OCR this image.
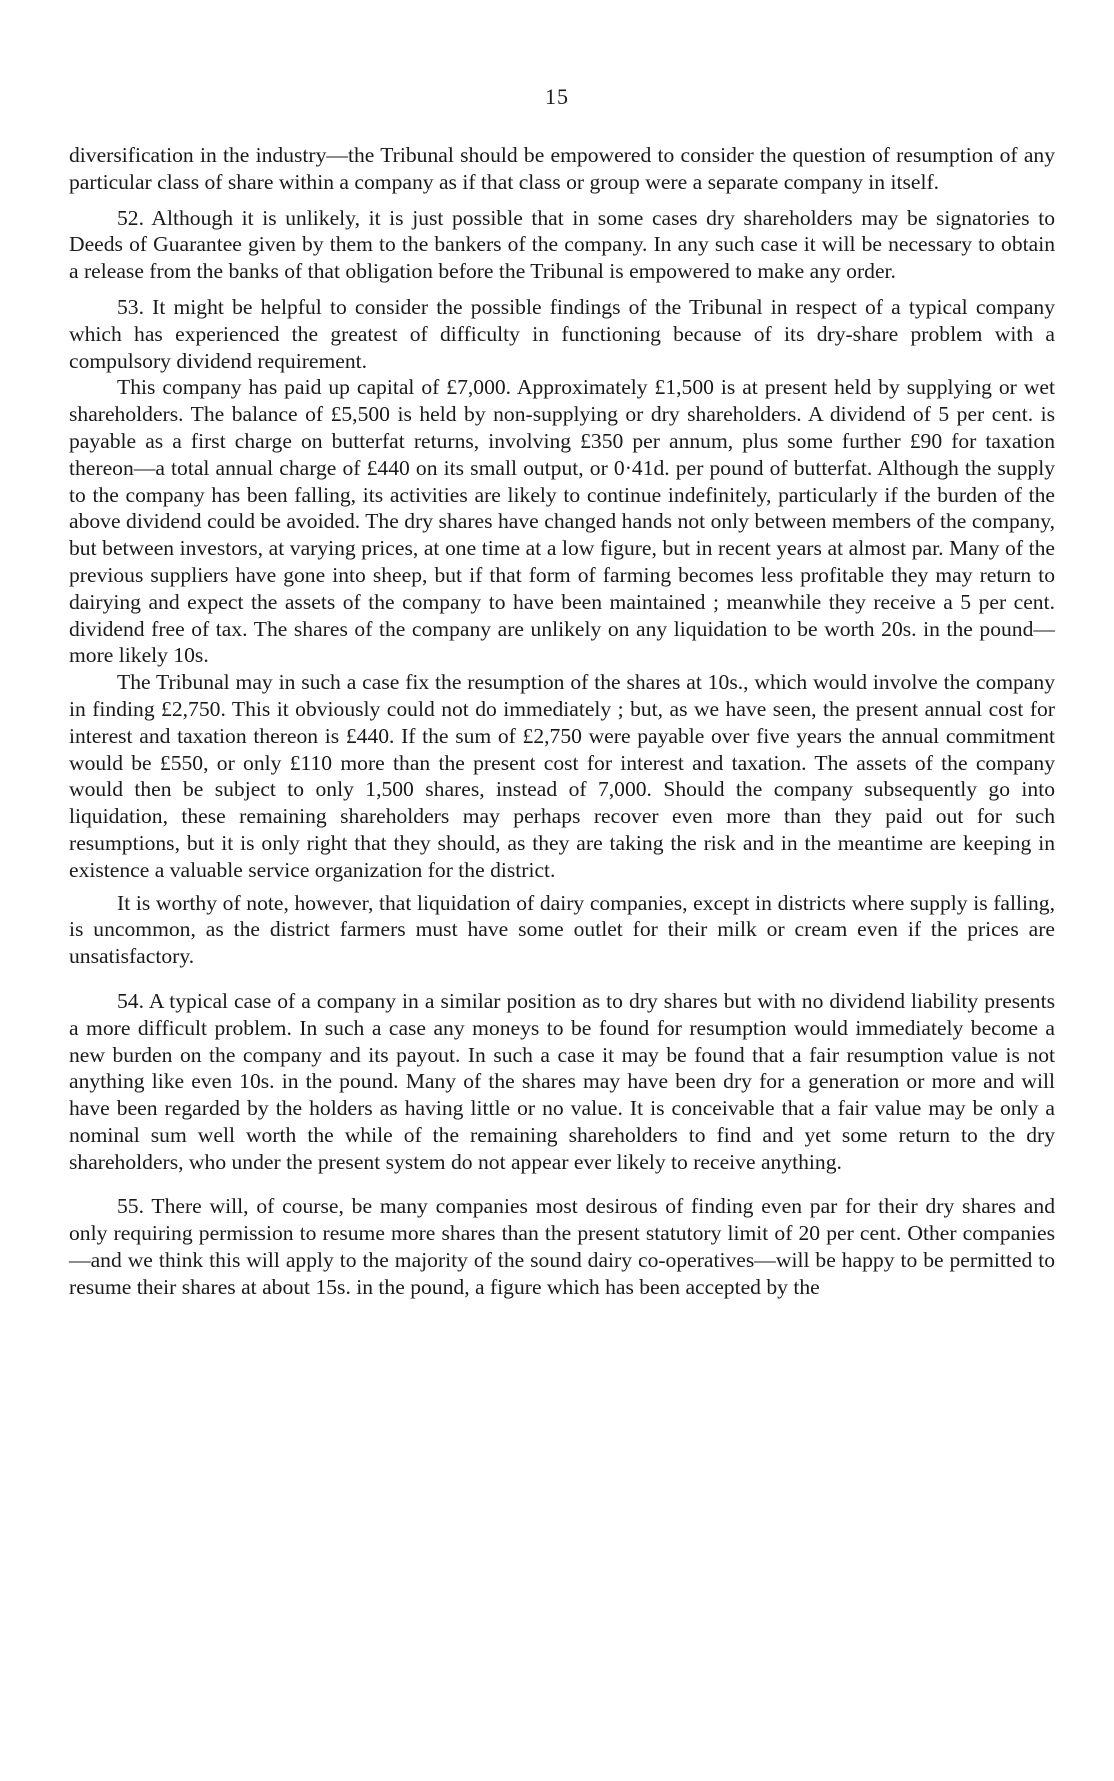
15

diversification in the industry—the Tribunal should be empowered to consider the question of resumption of any particular class of share within a company as if that class or group were a separate company in itself.

52. Although it is unlikely, it is just possible that in some cases dry shareholders may be signatories to Deeds of Guarantee given by them to the bankers of the company. In any such case it will be necessary to obtain a release from the banks of that obligation before the Tribunal is empowered to make any order.

53. It might be helpful to consider the possible findings of the Tribunal in respect of a typical company which has experienced the greatest of difficulty in functioning because of its dry-share problem with a compulsory dividend requirement.

This company has paid up capital of £7,000. Approximately £1,500 is at present held by supplying or wet shareholders. The balance of £5,500 is held by non-supplying or dry shareholders. A dividend of 5 per cent. is payable as a first charge on butterfat returns, involving £350 per annum, plus some further £90 for taxation thereon—a total annual charge of £440 on its small output, or 0·41d. per pound of butterfat. Although the supply to the company has been falling, its activities are likely to continue indefinitely, particularly if the burden of the above dividend could be avoided. The dry shares have changed hands not only between members of the company, but between investors, at varying prices, at one time at a low figure, but in recent years at almost par. Many of the previous suppliers have gone into sheep, but if that form of farming becomes less profitable they may return to dairying and expect the assets of the company to have been maintained ; meanwhile they receive a 5 per cent. dividend free of tax. The shares of the company are unlikely on any liquidation to be worth 20s. in the pound—more likely 10s.

The Tribunal may in such a case fix the resumption of the shares at 10s., which would involve the company in finding £2,750. This it obviously could not do immediately ; but, as we have seen, the present annual cost for interest and taxation thereon is £440. If the sum of £2,750 were payable over five years the annual commitment would be £550, or only £110 more than the present cost for interest and taxation. The assets of the company would then be subject to only 1,500 shares, instead of 7,000. Should the company subsequently go into liquidation, these remaining shareholders may perhaps recover even more than they paid out for such resumptions, but it is only right that they should, as they are taking the risk and in the meantime are keeping in existence a valuable service organization for the district.

It is worthy of note, however, that liquidation of dairy companies, except in districts where supply is falling, is uncommon, as the district farmers must have some outlet for their milk or cream even if the prices are unsatisfactory.

54. A typical case of a company in a similar position as to dry shares but with no dividend liability presents a more difficult problem. In such a case any moneys to be found for resumption would immediately become a new burden on the company and its payout. In such a case it may be found that a fair resumption value is not anything like even 10s. in the pound. Many of the shares may have been dry for a generation or more and will have been regarded by the holders as having little or no value. It is conceivable that a fair value may be only a nominal sum well worth the while of the remaining shareholders to find and yet some return to the dry shareholders, who under the present system do not appear ever likely to receive anything.

55. There will, of course, be many companies most desirous of finding even par for their dry shares and only requiring permission to resume more shares than the present statutory limit of 20 per cent. Other companies—and we think this will apply to the majority of the sound dairy co-operatives—will be happy to be permitted to resume their shares at about 15s. in the pound, a figure which has been accepted by the
